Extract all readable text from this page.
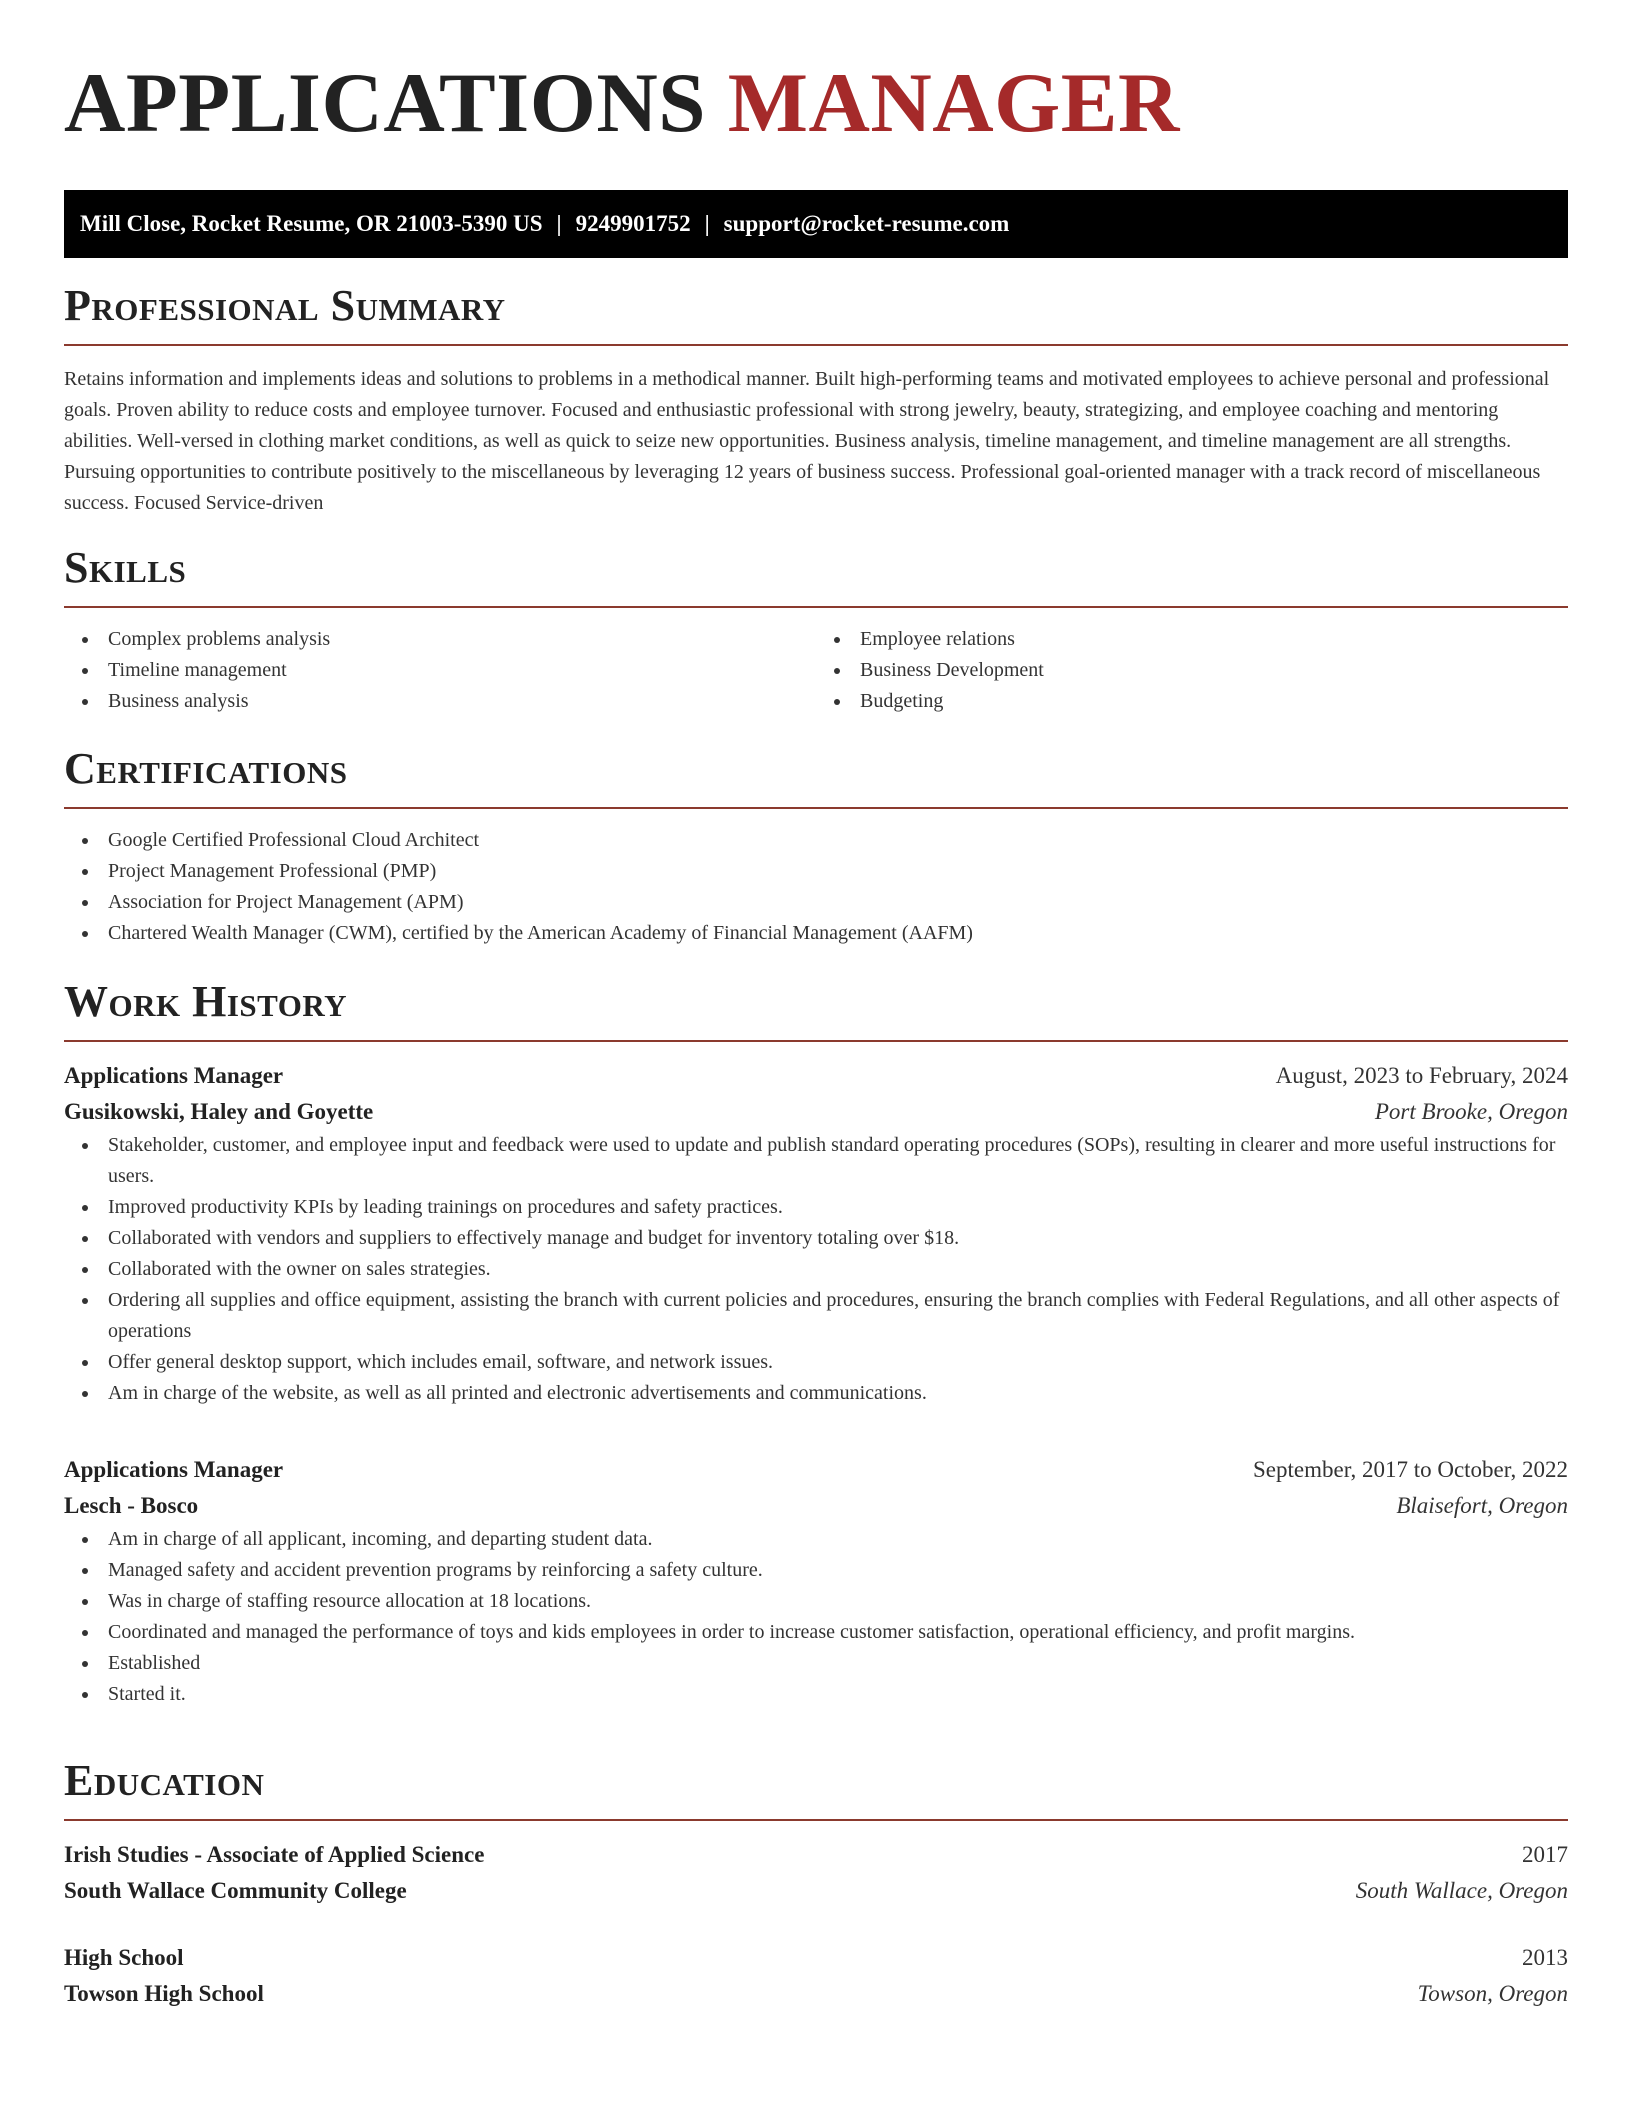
APPLICATIONS MANAGER
Mill Close, Rocket Resume, OR 21003-5390 US | 9249901752 | support@rocket-resume.com
Professional Summary

Retains information and implements ideas and solutions to problems in a methodical manner. Built high-performing teams and motivated employees to achieve personal and professional goals. Proven ability to reduce costs and employee turnover. Focused and enthusiastic professional with strong jewelry, beauty, strategizing, and employee coaching and mentoring abilities. Well-versed in clothing market conditions, as well as quick to seize new opportunities. Business analysis, timeline management, and timeline management are all strengths. Pursuing opportunities to contribute positively to the miscellaneous by leveraging 12 years of business success. Professional goal-oriented manager with a track record of miscellaneous success. Focused Service-driven

Skills
Complex problems analysis
Timeline management
Business analysis
Employee relations
Business Development
Budgeting
Certifications
Google Certified Professional Cloud Architect
Project Management Professional (PMP)
Association for Project Management (APM)
Chartered Wealth Manager (CWM), certified by the American Academy of Financial Management (AAFM)
Work History
Applications Manager	August, 2023 to February, 2024
Gusikowski, Haley and Goyette	Port Brooke, Oregon
Stakeholder, customer, and employee input and feedback were used to update and publish standard operating procedures (SOPs), resulting in clearer and more useful instructions for users.
Improved productivity KPIs by leading trainings on procedures and safety practices.
Collaborated with vendors and suppliers to effectively manage and budget for inventory totaling over $18.
Collaborated with the owner on sales strategies.
Ordering all supplies and office equipment, assisting the branch with current policies and procedures, ensuring the branch complies with Federal Regulations, and all other aspects of operations
Offer general desktop support, which includes email, software, and network issues.
Am in charge of the website, as well as all printed and electronic advertisements and communications.
Applications Manager	September, 2017 to October, 2022
Lesch - Bosco	Blaisefort, Oregon
Am in charge of all applicant, incoming, and departing student data.
Managed safety and accident prevention programs by reinforcing a safety culture.
Was in charge of staffing resource allocation at 18 locations.
Coordinated and managed the performance of toys and kids employees in order to increase customer satisfaction, operational efficiency, and profit margins.
Established
Started it.
Education
Irish Studies - Associate of Applied Science	2017
South Wallace Community College	South Wallace, Oregon
High School	2013
Towson High School	Towson, Oregon
